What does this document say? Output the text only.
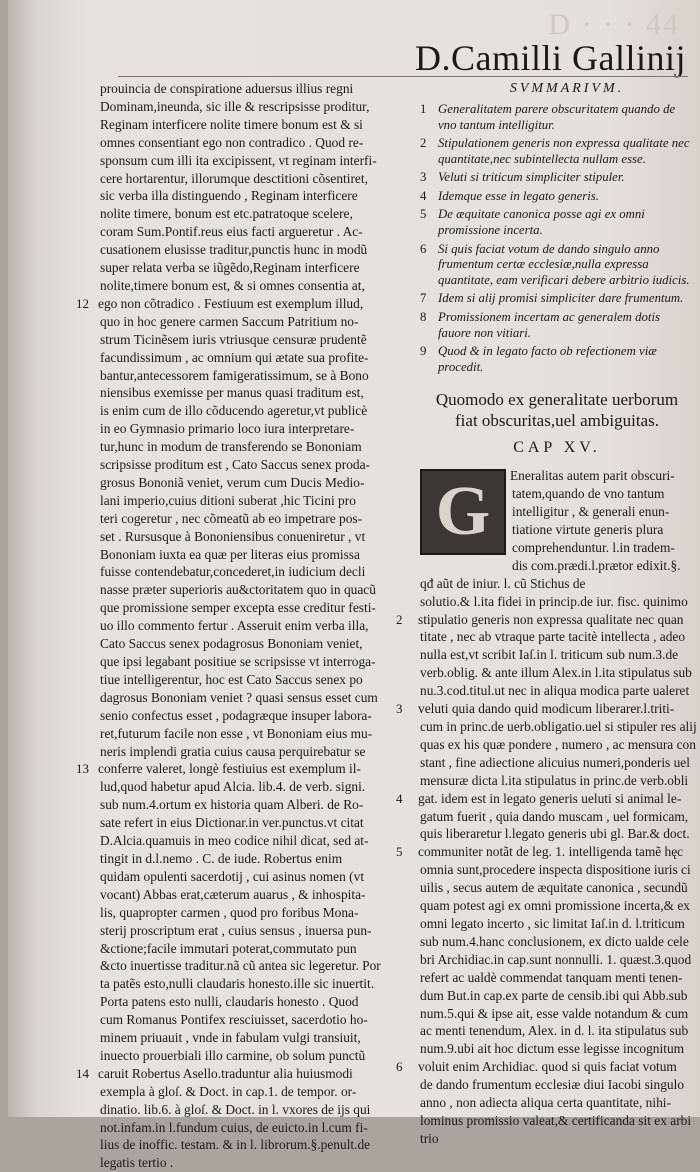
D · · · 44
D.Camilli Gallinij
prouincia de conspiratione aduersus illius regni
Dominam,ineunda, sic ille & rescripsisse proditur,
Reginam interficere nolite timere bonum est & si
omnes consentiant ego non contradico . Quod re-
sponsum cum illi ita excipissent, vt reginam interfi-
cere hortarentur, illorumque desctitioni cõsentiret,
sic verba illa distinguendo , Reginam interficere
nolite timere, bonum est etc.patratoque scelere,
coram Sum.Pontif.reus eius facti argueretur . Ac-
cusationem elusisse traditur,punctis hunc in modũ
super relata verba se iũgẽdo,Reginam interficere
nolite,timere bonum est, & si omnes consentia at,
12 ego non cõtradico . Festiuum est exemplum illud,
quo in hoc genere carmen Saccum Patritium no-
strum Ticinẽsem iuris vtriusque censuræ prudentẽ
facundissimum , ac omnium qui ætate sua profite-
bantur,antecessorem famigeratissimum, se à Bono
niensibus exemisse per manus quasi traditum est,
is enim cum de illo cõducendo ageretur,vt publicè
in eo Gymnasio primario loco iura interpretare-
tur,hunc in modum de transferendo se Bononiam
scripsisse proditum est , Cato Saccus senex proda-
grosus Bononiã veniet, verum cum Ducis Medio-
lani imperio,cuius ditioni suberat ,hic Ticini pro
teri cogeretur , nec cõmeatũ ab eo impetrare pos-
set . Rursusque à Bononiensibus conueniretur , vt
Bononiam iuxta ea quæ per literas eius promissa
fuisse contendebatur,concederet,in iudicium decli
nasse præter superioris au&ctoritatem quo in quacũ
que promissione semper excepta esse creditur festi-
uo illo commento fertur . Asseruit enim verba illa,
Cato Saccus senex podagrosus Bononiam veniet,
que ipsi legabant positiue se scripsisse vt interroga-
tiue intelligerentur, hoc est Cato Saccus senex po
dagrosus Bononiam veniet ? quasi sensus esset cum
senio confectus esset , podagræque insuper labora-
ret,futurum facile non esse , vt Bononiam eius mu-
neris implendi gratia cuius causa perquirebatur se
13 conferre valeret, longè festiuius est exemplum il-
lud,quod habetur apud Alcia. lib.4. de verb. signi.
sub num.4.ortum ex historia quam Alberi. de Ro-
sate refert in eius Dictionar.in ver.punctus.vt citat
D.Alcia.quamuis in meo codice nihil dicat, sed at-
tingit in d.l.nemo . C. de iude. Robertus enim
quidam opulenti sacerdotij , cui asinus nomen (vt
vocant) Abbas erat,cæterum auarus , & inhospita-
lis, quapropter carmen , quod pro foribus Mona-
sterij proscriptum erat , cuius sensus , inuersa pun-
&ctione;facile immutari poterat,commutato pun
&cto inuertisse traditur.nã cũ antea sic legeretur. Por
ta patẽs esto,nulli claudaris honesto.ille sic inuertit.
Porta patens esto nulli, claudaris honesto . Quod
cum Romanus Pontifex resciuisset, sacerdotio ho-
minem priuauit , vnde in fabulam vulgi transiuit,
inuecto prouerbiali illo carmine, ob solum punctũ
14 caruit Robertus Asello.traduntur alia huiusmodi
exempla à gloſ. & Doct. in cap.1. de tempor. or-
dinatio. lib.6. à gloſ. & Doct. in l. vxores de ijs qui
not.infam.in l.fundum cuius, de euicto.in l.cum fi-
lius de inoffic. testam. & in l. librorum.§.penult.de
legatis tertio .
SVMMARIVM.
1 Generalitatem parere obscuritatem quando de vno tantum intelligitur.
2 Stipulationem generis non expressa qualitate nec quantitate,nec subintellecta nullam esse.
3 Veluti si triticum simpliciter stipuler.
4 Idemque esse in legato generis.
5 De æquitate canonica posse agi ex omni promissione incerta.
6 Si quis faciat votum de dando singulo anno frumentum certæ ecclesiæ,nulla expressa quantitate, eam verificari debere arbitrio iudicis.
7 Idem si alij promisi simpliciter dare frumentum.
8 Promissionem incertam ac generalem dotis fauore non vitiari.
9 Quod & in legato facto ob refectionem viæ procedit.
Quomodo ex generalitate uerborum
fiat obscuritas,uel ambiguitas.
CAP XV.
G	Eneralitas autem parit obscuri-
tatem,quando de vno tantum
intelligitur , & generali enun-
tiatione virtute generis plura
comprehenduntur. l.in tradem-
dis com.prædi.l.prætor edixit.§.
qđ aũt de iniur. l. cũ Stichus de
solutio.& l.ita fidei in princip.de iur. fisc. quinimo
2 stipulatio generis non expressa qualitate nec quan
titate , nec ab vtraque parte tacitè intellecta , adeo
nulla est,vt scribit Iaſ.in l. triticum sub num.3.de
verb.oblig. & ante illum Alex.in l.ita stipulatus sub
nu.3.cod.titul.ut nec in aliqua modica parte ualeret
3 veluti quia dando quid modicum liberarer.l.triti-
cum in princ.de uerb.obligatio.uel si stipuler res alij
quas ex his quæ pondere , numero , ac mensura con
stant , fine adiectione alicuius numeri,ponderis uel
mensuræ dicta l.ita stipulatus in princ.de verb.obli
4 gat. idem est in legato generis ueluti si animal le-
gatum fuerit , quia dando muscam , uel formicam,
quis liberaretur l.legato generis ubi gl. Bar.& doct.
5 communiter notãt de leg. 1. intelligenda tamẽ hęc
omnia sunt,procedere inspecta dispositione iuris ci
uilis , secus autem de æquitate canonica , secundũ
quam potest agi ex omni promissione incerta,& ex
omni legato incerto , sic limitat Iaſ.in d. l.triticum
sub num.4.hanc conclusionem, ex dicto ualde cele
bri Archidiac.in cap.sunt nonnulli. 1. quæst.3.quod
refert ac ualdè commendat tanquam menti tenen-
dum But.in cap.ex parte de censib.ibi qui Abb.sub
num.5.qui & ipse ait, esse valde notandum & cum
ac menti tenendum, Alex. in d. l. ita stipulatus sub
num.9.ubi ait hoc dictum esse legisse incognitum
6 voluit enim Archidiac. quod si quis faciat votum
de dando frumentum ecclesiæ diui Iacobi singulo
anno , non adiecta aliqua certa quantitate, nihi-
lominus promissio valeat,& certificanda sit ex arbi
trio
